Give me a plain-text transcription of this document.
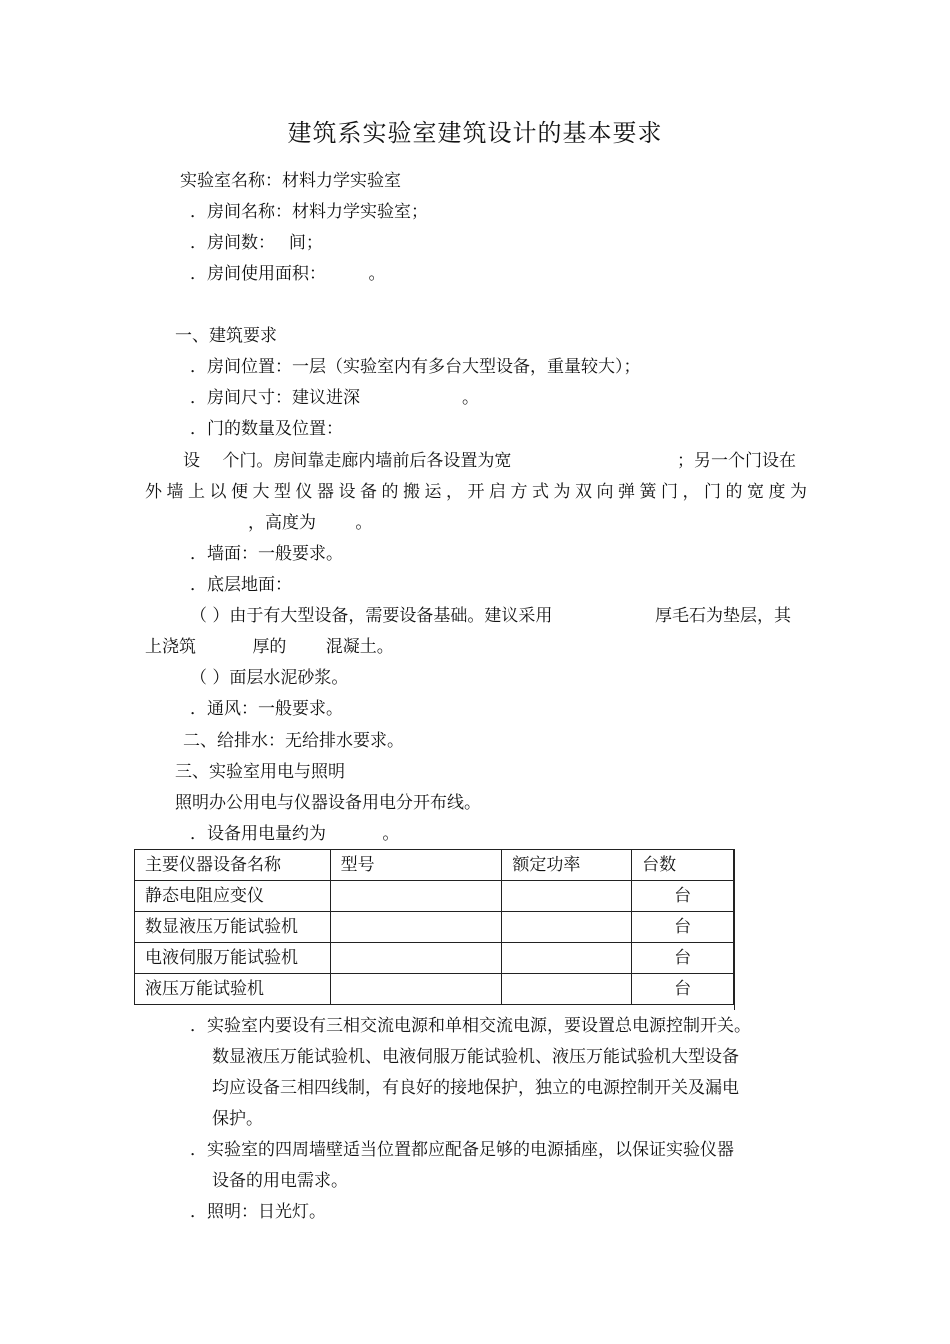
建筑系实验室建筑设计的基本要求
实验室名称：材料力学实验室
．房间名称：材料力学实验室；
．房间数：　 间；
．房间使用面积：　　　。
一、建筑要求
．房间位置：一层（实验室内有多台大型设备，重量较大）；
．房间尺寸：建议进深　　　　　　。
．门的数量及位置：
设　 个门。房间靠走廊内墙前后各设置为宽	；另一个门设在
外 墙 上 以 便 大 型 仪 器 设 备 的 搬 运 ， 开 启 方 式 为 双 向 弹 簧 门 ， 门 的 宽 度 为
，高度为　　 。
．墙面：一般要求。
．底层地面：
（ ）由于有大型设备，需要设备基础。建议采用	厚毛石为垫层，其
上浇筑　　　 厚的　　 混凝土。
（ ）面层水泥砂浆。
．通风：一般要求。
二、给排水：无给排水要求。
三、实验室用电与照明
照明办公用电与仪器设备用电分开布线。
．设备用电量约为　　　 。
主要仪器设备名称	型号	额定功率	台数
静态电阻应变仪			台
数显液压万能试验机			台
电液伺服万能试验机			台
液压万能试验机			台
．实验室内要设有三相交流电源和单相交流电源，要设置总电源控制开关。
数显液压万能试验机、电液伺服万能试验机、液压万能试验机大型设备
均应设备三相四线制，有良好的接地保护，独立的电源控制开关及漏电
保护。
．实验室的四周墙壁适当位置都应配备足够的电源插座，以保证实验仪器
设备的用电需求。
．照明：日光灯。
